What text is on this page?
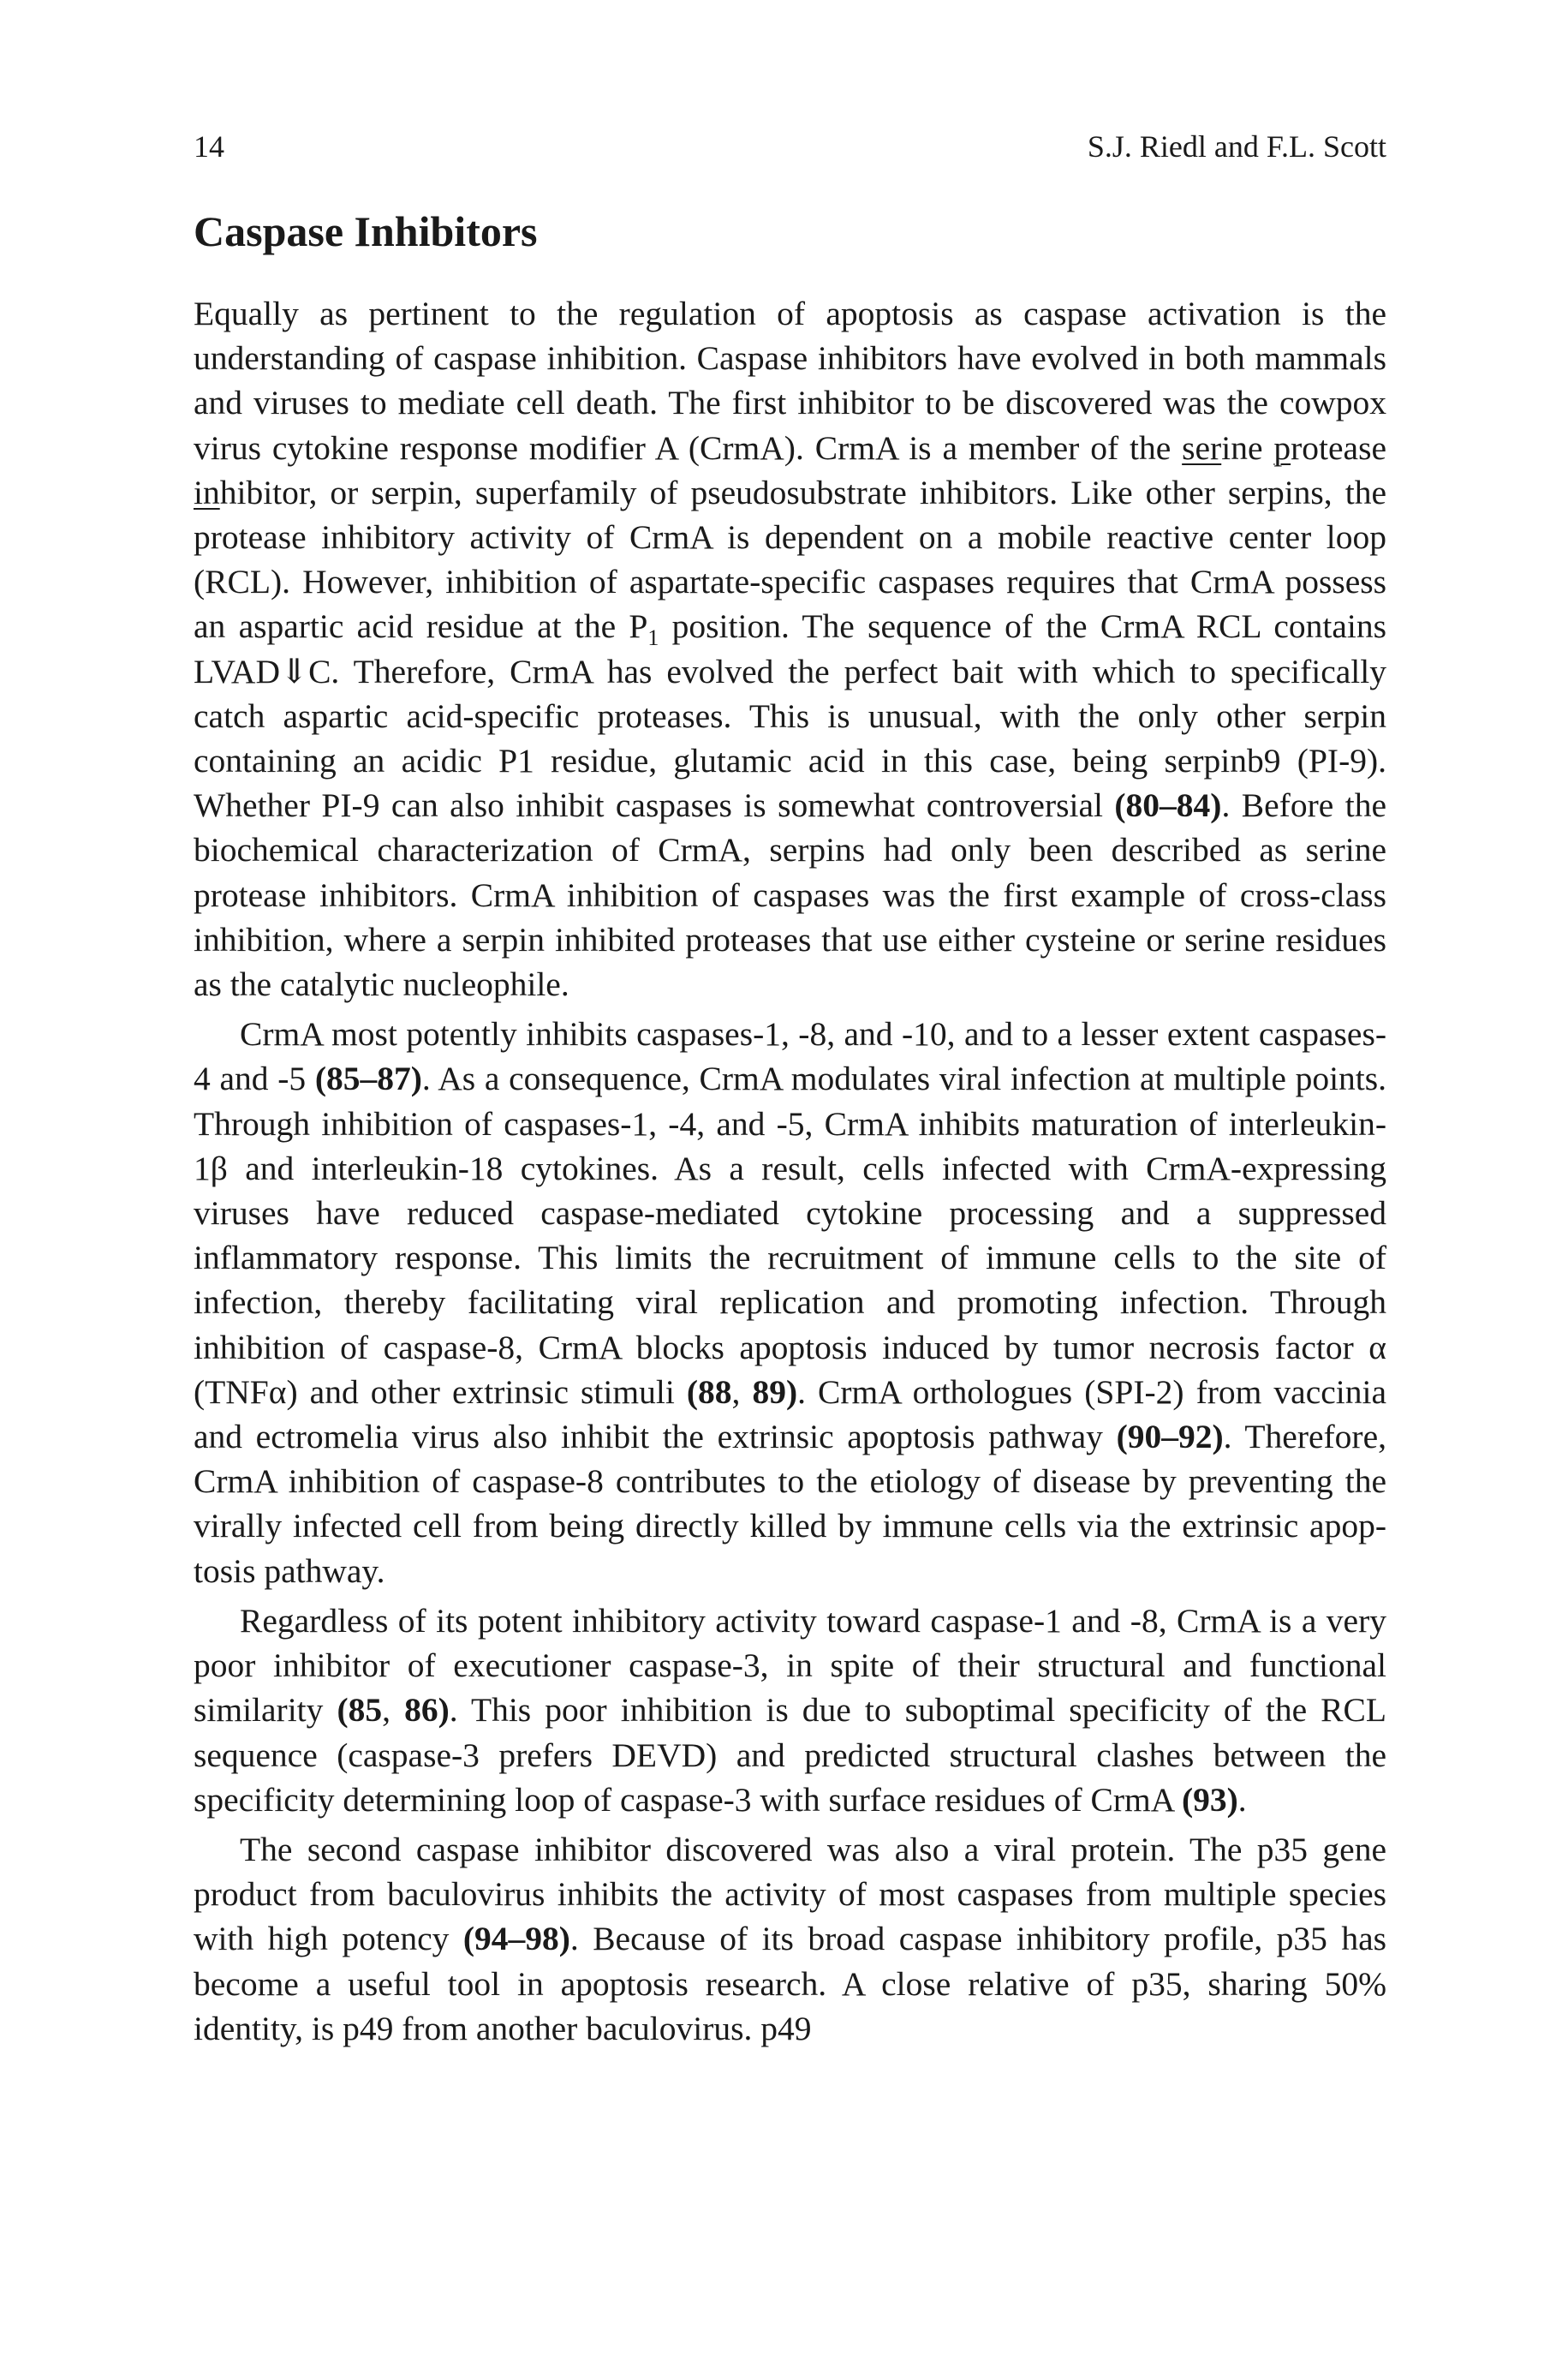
14	S.J. Riedl and F.L. Scott
Caspase Inhibitors

Equally as pertinent to the regulation of apoptosis as caspase activation is the understanding of caspase inhibition. Caspase inhibitors have evolved in both mammals and viruses to mediate cell death. The first inhibitor to be discovered was the cowpox virus cytokine response modifier A (CrmA). CrmA is a member of the serine protease inhibitor, or serpin, superfamily of pseudosubstrate inhibitors. Like other serpins, the protease inhibitory activity of CrmA is dependent on a mobile reactive center loop (RCL). However, inhibition of aspartate-specific caspases requires that CrmA possess an aspartic acid residue at the $P_1$ position. The sequence of the CrmA RCL contains LVAD⇓C. Therefore, CrmA has evolved the perfect bait with which to specifically catch aspartic acid-specific proteases. This is unusual, with the only other serpin containing an acidic P1 residue, glutamic acid in this case, being serpinb9 (PI-9). Whether PI-9 can also inhibit caspases is somewhat controversial (80–84). Before the biochemical characterization of CrmA, serpins had only been described as serine protease inhibitors. CrmA inhibition of caspases was the first example of cross-class inhibition, where a serpin inhibited proteases that use either cysteine or serine residues as the catalytic nucleophile.

CrmA most potently inhibits caspases-1, -8, and -10, and to a lesser extent caspases-4 and -5 (85–87). As a consequence, CrmA modulates viral infection at multiple points. Through inhibition of caspases-1, -4, and -5, CrmA inhibits maturation of interleukin-1β and interleukin-18 cytokines. As a result, cells infected with CrmA-expressing viruses have reduced caspase-mediated cytokine processing and a suppressed inflammatory response. This limits the recruitment of immune cells to the site of infection, thereby facilitating viral replication and promoting infection. Through inhibition of caspase-8, CrmA blocks apoptosis induced by tumor necrosis factor α (TNFα) and other extrinsic stimuli (88, 89). CrmA orthologues (SPI-2) from vaccinia and ectromelia virus also inhibit the extrinsic apoptosis pathway (90–92). Therefore, CrmA inhibition of caspase-8 contributes to the etiology of disease by preventing the virally infected cell from being directly killed by immune cells via the extrinsic apoptosis pathway.

Regardless of its potent inhibitory activity toward caspase-1 and -8, CrmA is a very poor inhibitor of executioner caspase-3, in spite of their structural and functional similarity (85, 86). This poor inhibition is due to suboptimal specificity of the RCL sequence (caspase-3 prefers DEVD) and predicted structural clashes between the specificity determining loop of caspase-3 with surface residues of CrmA (93).

The second caspase inhibitor discovered was also a viral protein. The p35 gene product from baculovirus inhibits the activity of most caspases from multiple species with high potency (94–98). Because of its broad caspase inhibitory profile, p35 has become a useful tool in apoptosis research. A close relative of p35, sharing 50% identity, is p49 from another baculovirus. p49
